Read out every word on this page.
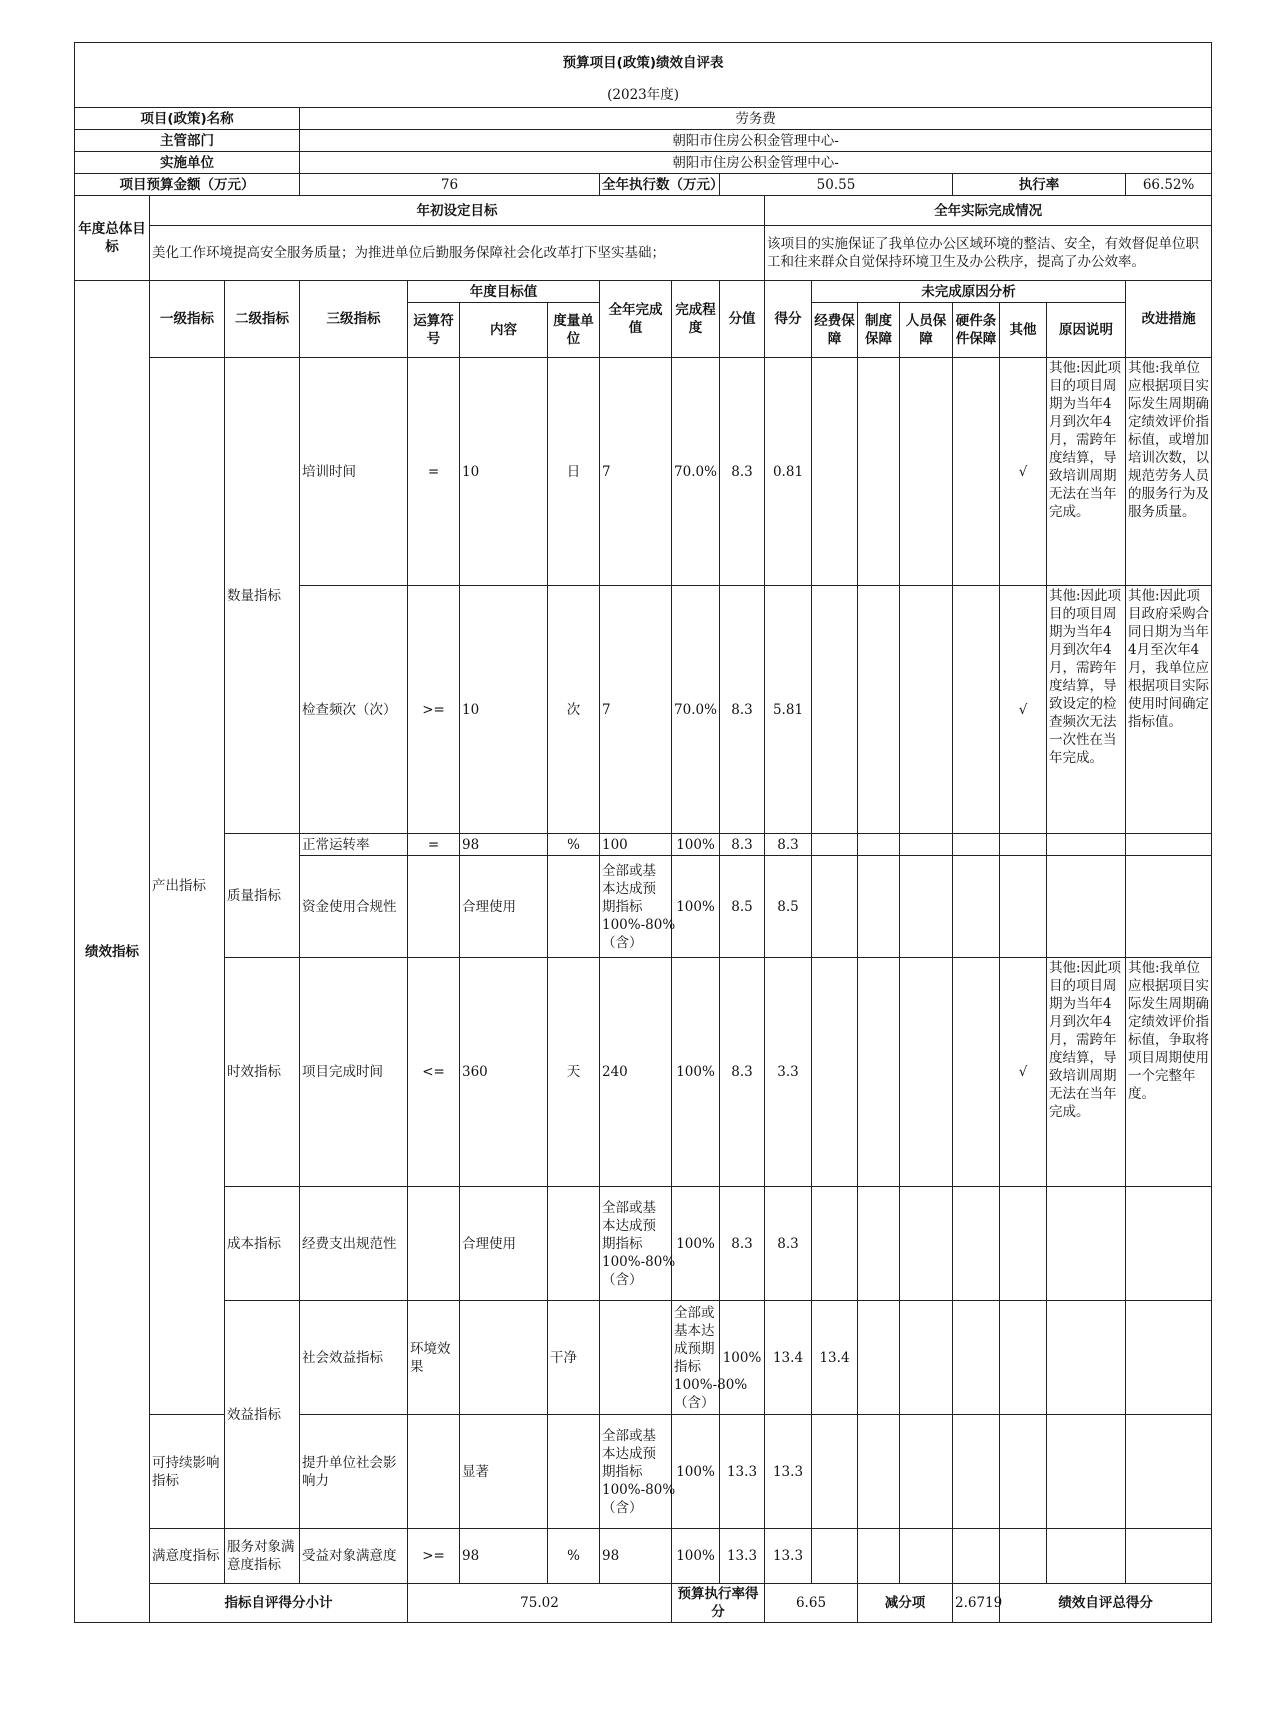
预算项目(政策)绩效自评表																		
(2023年度)																		
项目(政策)名称			劳务费															
主管部门			朝阳市住房公积金管理中心-															
实施单位			朝阳市住房公积金管理中心-															
项目预算金额（万元）			76				全年执行数（万元）		50.55					执行率			66.52%	
年度总体目标	年初设定目标									全年实际完成情况								
	美化工作环境提高安全服务质量；为推进单位后勤服务保障社会化改革打下坚实基础；									该项目的实施保证了我单位办公区域环境的整洁、安全，有效督促单位职工和往来群众自觉保持环境卫生及办公秩序，提高了办公效率。								
绩效指标	一级指标	二级指标	三级指标	年度目标值			全年完成值	完成程度	分值	得分	未完成原因分析						改进措施	
				运算符号	内容	度量单位					经费保障	制度保障	人员保障	硬件条件保障	其他	原因说明		
	产出指标	数量指标	培训时间	=	10	日	7	70.0%	8.3	0.81					√	其他:因此项目的项目周期为当年4月到次年4月，需跨年度结算，导致培训周期无法在当年完成。	其他:我单位应根据项目实际发生周期确定绩效评价指标值，或增加培训次数，以规范劳务人员的服务行为及服务质量。	
			检查频次（次）	>=	10	次	7	70.0%	8.3	5.81					√	其他:因此项目的项目周期为当年4月到次年4月，需跨年度结算，导致设定的检查频次无法一次性在当年完成。	其他:因此项目政府采购合同日期为当年4月至次年4月，我单位应根据项目实际使用时间确定指标值。	
		质量指标	正常运转率	=	98	%	100	100%	8.3	8.3								
			资金使用合规性		合理使用		全部或基本达成预期指标100%-80%（含）	100%	8.5	8.5								
		时效指标	项目完成时间	<=	360	天	240	100%	8.3	3.3					√	其他:因此项目的项目周期为当年4月到次年4月，需跨年度结算，导致培训周期无法在当年完成。	其他:我单位应根据项目实际发生周期确定绩效评价指标值，争取将项目周期使用一个完整年度。	
		成本指标	经费支出规范性		合理使用		全部或基本达成预期指标100%-80%（含）	100%	8.3	8.3								
		效益指标	社会效益指标	环境效果		干净		全部或基本达成预期指标100%-80%（含）	100%	13.4	13.4							
	可持续影响指标		提升单位社会影响力		显著		全部或基本达成预期指标100%-80%（含）	100%	13.3	13.3								
	满意度指标	服务对象满意度指标	受益对象满意度	>=	98	%	98	100%	13.3	13.3								
	指标自评得分小计			75.02				预算执行率得分		6.65		减分项		2.6719	绩效自评总得分	
